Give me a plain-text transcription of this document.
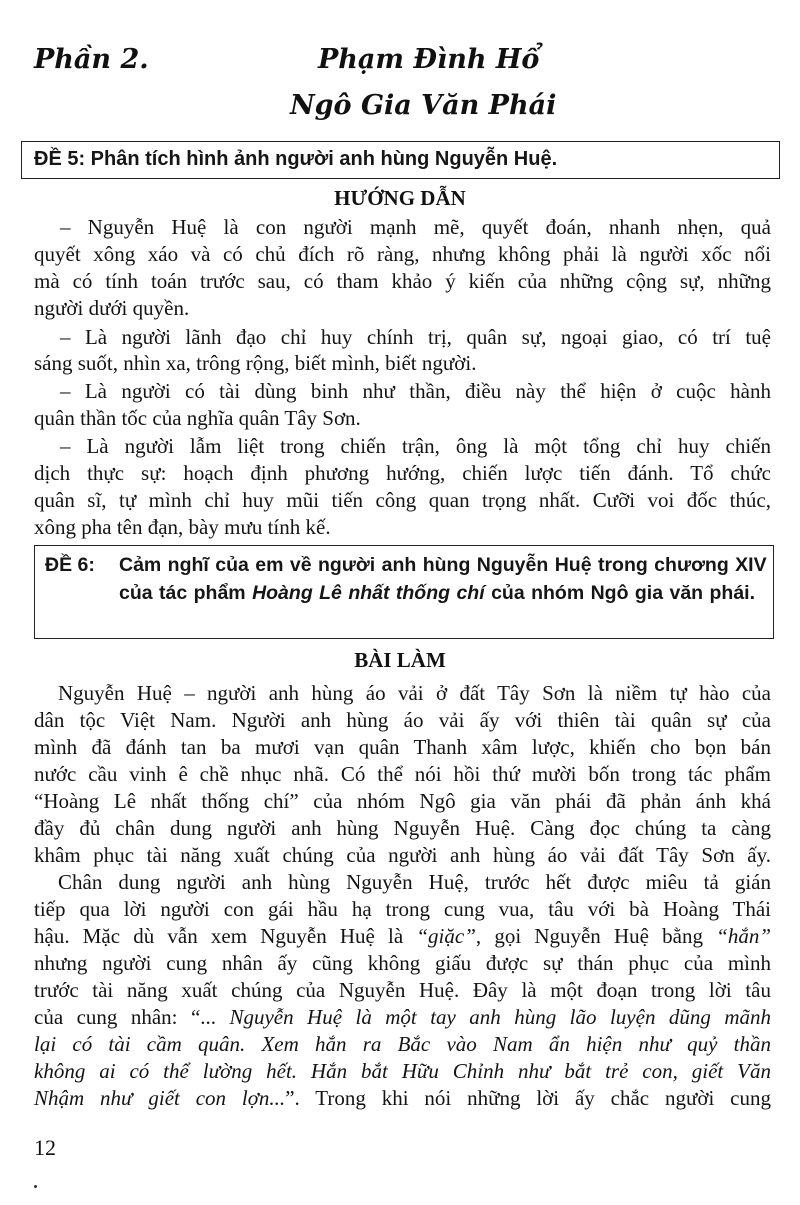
Phần 2.	Phạm Đình Hổ
Ngô Gia Văn Phái
ĐỀ 5: Phân tích hình ảnh người anh hùng Nguyễn Huệ.
HƯỚNG DẪN
– Nguyễn Huệ là con người mạnh mẽ, quyết đoán, nhanh nhẹn, quả
quyết xông xáo và có chủ đích rõ ràng, nhưng không phải là người xốc nổi
mà có tính toán trước sau, có tham khảo ý kiến của những cộng sự, những
người dưới quyền.
– Là người lãnh đạo chỉ huy chính trị, quân sự, ngoại giao, có trí tuệ
sáng suốt, nhìn xa, trông rộng, biết mình, biết người.
– Là người có tài dùng binh như thần, điều này thể hiện ở cuộc hành
quân thần tốc của nghĩa quân Tây Sơn.
– Là người lẫm liệt trong chiến trận, ông là một tổng chỉ huy chiến
dịch thực sự: hoạch định phương hướng, chiến lược tiến đánh. Tổ chức
quân sĩ, tự mình chỉ huy mũi tiến công quan trọng nhất. Cưỡi voi đốc thúc,
xông pha tên đạn, bày mưu tính kế.
ĐỀ 6: Cảm nghĩ của em về người anh hùng Nguyễn Huệ trong chương XIV của tác phẩm Hoàng Lê nhất thống chí của nhóm Ngô gia văn phái.
BÀI LÀM
Nguyễn Huệ – người anh hùng áo vải ở đất Tây Sơn là niềm tự hào của
dân tộc Việt Nam. Người anh hùng áo vải ấy với thiên tài quân sự của
mình đã đánh tan ba mươi vạn quân Thanh xâm lược, khiến cho bọn bán
nước cầu vinh ê chề nhục nhã. Có thể nói hồi thứ mười bốn trong tác phẩm
“Hoàng Lê nhất thống chí” của nhóm Ngô gia văn phái đã phản ánh khá
đầy đủ chân dung người anh hùng Nguyễn Huệ. Càng đọc chúng ta càng
khâm phục tài năng xuất chúng của người anh hùng áo vải đất Tây Sơn ấy.
Chân dung người anh hùng Nguyễn Huệ, trước hết được miêu tả gián
tiếp qua lời người con gái hầu hạ trong cung vua, tâu với bà Hoàng Thái
hậu. Mặc dù vẫn xem Nguyễn Huệ là “giặc”, gọi Nguyễn Huệ bằng “hắn”
nhưng người cung nhân ấy cũng không giấu được sự thán phục của mình
trước tài năng xuất chúng của Nguyễn Huệ. Đây là một đoạn trong lời tâu
của cung nhân: “... Nguyễn Huệ là một tay anh hùng lão luyện dũng mãnh
lại có tài cầm quân. Xem hắn ra Bắc vào Nam ẩn hiện như quỷ thần
không ai có thể lường hết. Hắn bắt Hữu Chỉnh như bắt trẻ con, giết Văn
Nhậm như giết con lợn...”. Trong khi nói những lời ấy chắc người cung
12
